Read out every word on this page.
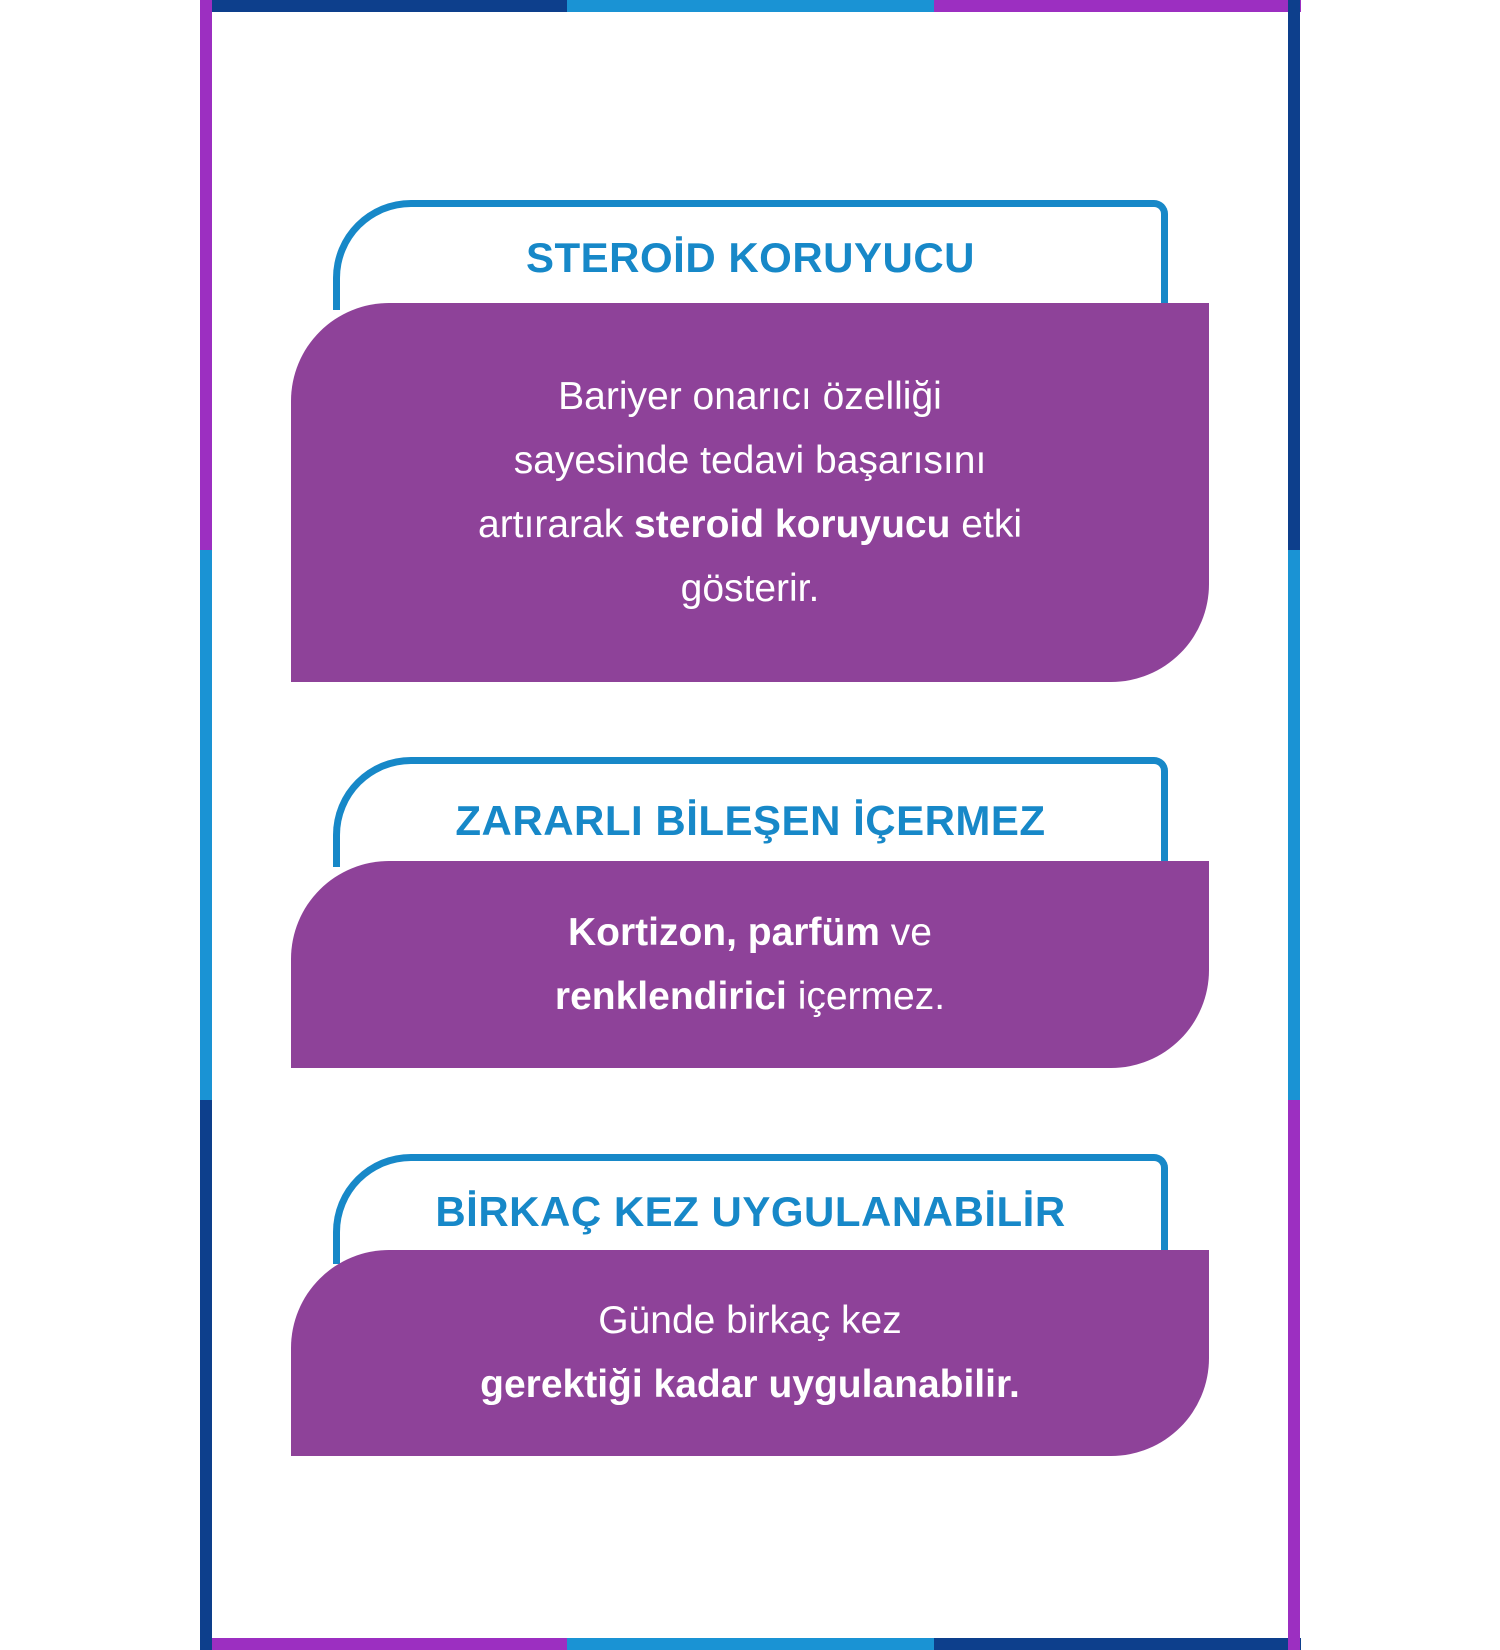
STEROİD KORUYUCU
Bariyer onarıcı özelliği
sayesinde tedavi başarısını
artırarak steroid koruyucu etki
gösterir.
ZARARLI BİLEŞEN İÇERMEZ
Kortizon, parfüm ve
renklendirici içermez.
BİRKAÇ KEZ UYGULANABİLİR
Günde birkaç kez
gerektiği kadar uygulanabilir.
